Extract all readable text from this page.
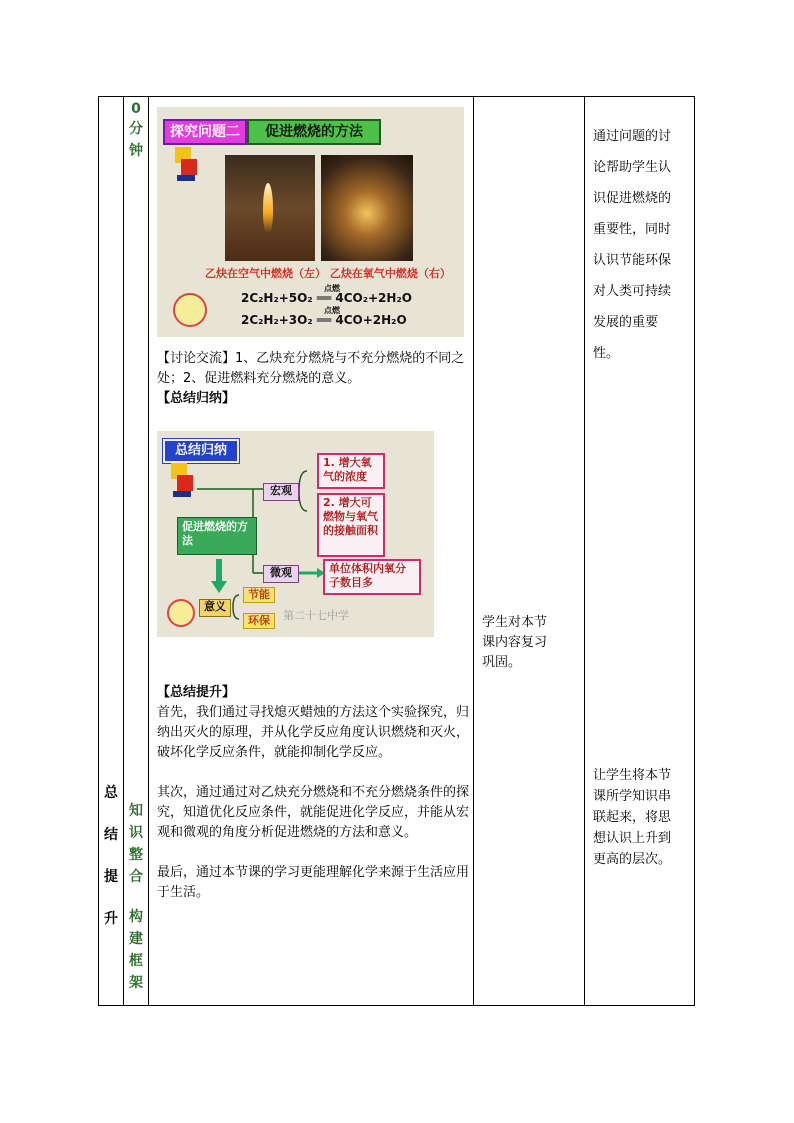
总
结
提
升
0
分
钟
知
识
整
合
构
建
框
架
探究问题二	促进燃烧的方法
乙炔在空气中燃烧（左） 乙炔在氧气中燃烧（右）
点燃
2C₂H₂+5O₂ ══ 4CO₂+2H₂O
点燃
2C₂H₂+3O₂ ══ 4CO+2H₂O
【讨论交流】1、乙炔充分燃烧与不充分燃烧的不同之处；2、促进燃料充分燃烧的意义。
【总结归纳】
总结归纳
促进燃烧的方法
宏观
微观
1. 增大氧气的浓度
2. 增大可燃物与氧气的接触面积
单位体积内氧分子数目多
意义
节能
环保	第二十七中学
【总结提升】
首先，我们通过寻找熄灭蜡烛的方法这个实验探究，归纳出灭火的原理，并从化学反应角度认识燃烧和灭火，破坏化学反应条件，就能抑制化学反应。
其次，通过通过对乙炔充分燃烧和不充分燃烧条件的探究，知道优化反应条件，就能促进化学反应，并能从宏观和微观的角度分析促进燃烧的方法和意义。
最后，通过本节课的学习更能理解化学来源于生活应用于生活。
学生对本节课内容复习巩固。
通过问题的讨论帮助学生认识促进燃烧的重要性，同时认识节能环保对人类可持续发展的重要性。
让学生将本节课所学知识串联起来，将思想认识上升到更高的层次。
